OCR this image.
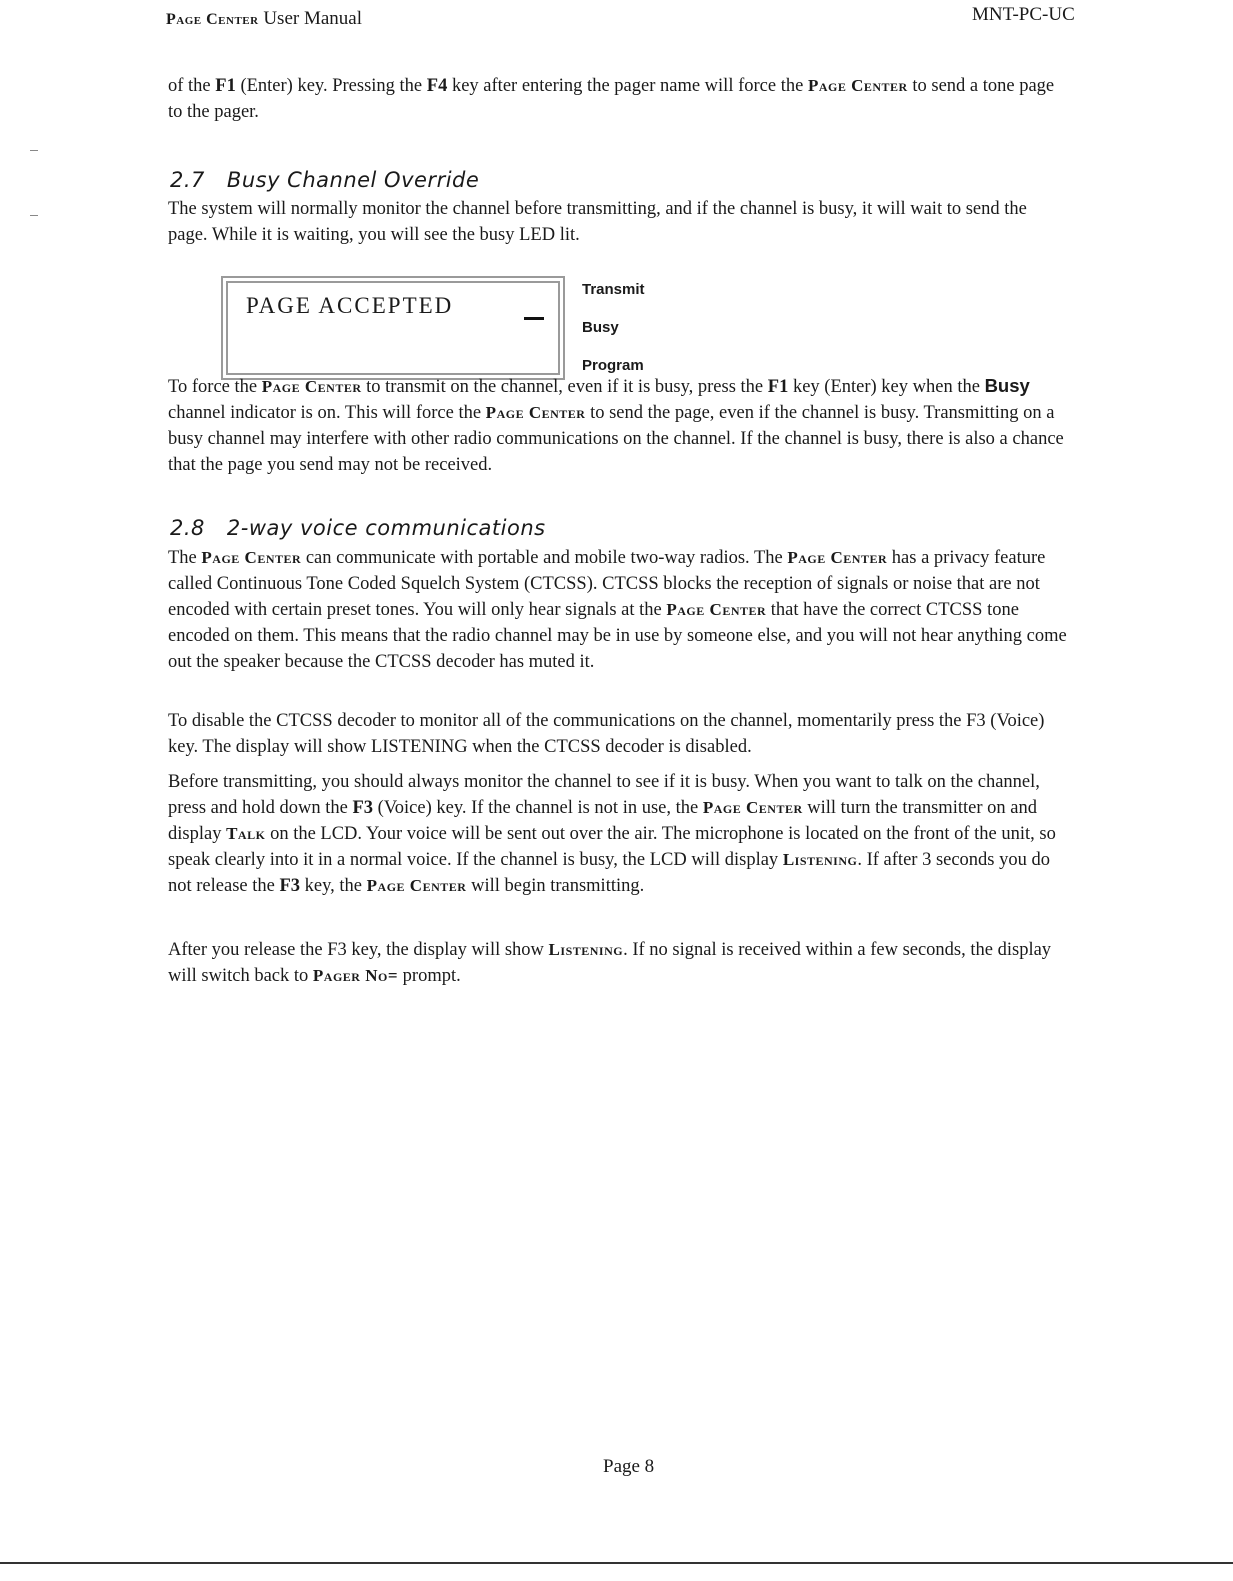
Page Center User Manual	MNT-PC-UC

of the F1 (Enter) key. Pressing the F4 key after entering the pager name will force the Page Center to send a tone page to the pager.

2.7 Busy Channel Override

The system will normally monitor the channel before transmitting, and if the channel is busy, it will wait to send the page. While it is waiting, you will see the busy LED lit.

PAGE ACCEPTED
Transmit
Busy
Program

To force the Page Center to transmit on the channel, even if it is busy, press the F1 key (Enter) key when the Busy channel indicator is on. This will force the Page Center to send the page, even if the channel is busy. Transmitting on a busy channel may interfere with other radio communications on the channel. If the channel is busy, there is also a chance that the page you send may not be received.

2.8 2-way voice communications

The Page Center can communicate with portable and mobile two-way radios. The Page Center has a privacy feature called Continuous Tone Coded Squelch System (CTCSS). CTCSS blocks the reception of signals or noise that are not encoded with certain preset tones. You will only hear signals at the Page Center that have the correct CTCSS tone encoded on them. This means that the radio channel may be in use by someone else, and you will not hear anything come out the speaker because the CTCSS decoder has muted it.

To disable the CTCSS decoder to monitor all of the communications on the channel, momentarily press the F3 (Voice) key. The display will show LISTENING when the CTCSS decoder is disabled.

Before transmitting, you should always monitor the channel to see if it is busy. When you want to talk on the channel, press and hold down the F3 (Voice) key. If the channel is not in use, the Page Center will turn the transmitter on and display Talk on the LCD. Your voice will be sent out over the air. The microphone is located on the front of the unit, so speak clearly into it in a normal voice. If the channel is busy, the LCD will display Listening. If after 3 seconds you do not release the F3 key, the Page Center will begin transmitting.

After you release the F3 key, the display will show Listening. If no signal is received within a few seconds, the display will switch back to Pager No= prompt.

Page 8
